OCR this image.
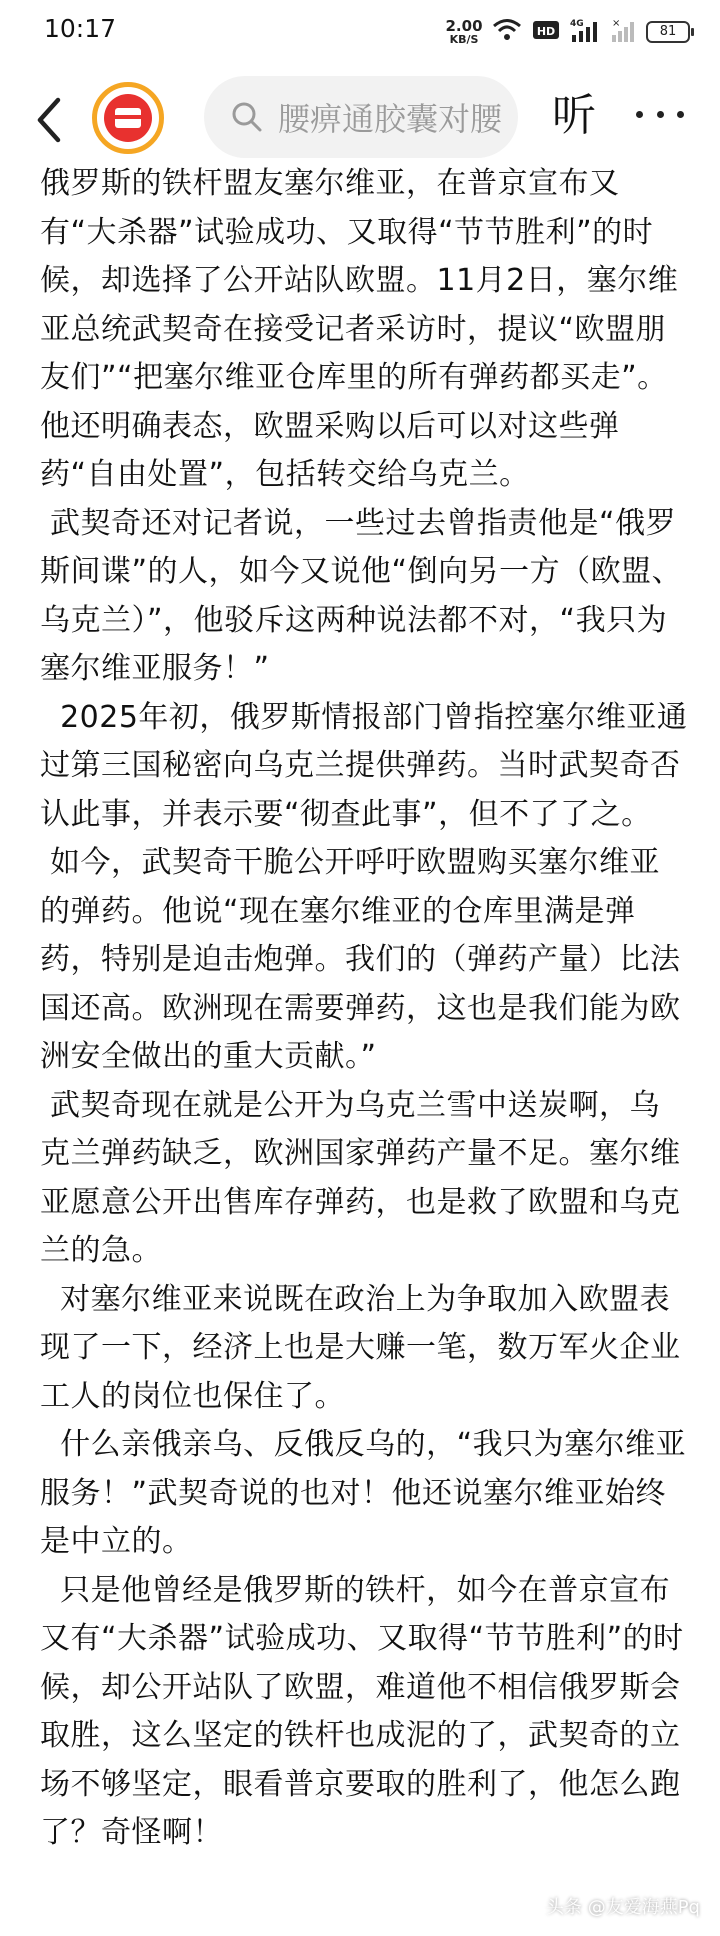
10:17	2.00
KB/S
HD
4G	×
81
腰痹通胶囊对腰 听

俄罗斯的铁杆盟友塞尔维亚，在普京宣布又有“大杀器”试验成功、又取得“节节胜利”的时候，却选择了公开站队欧盟。11月2日，塞尔维亚总统武契奇在接受记者采访时，提议“欧盟朋友们”“把塞尔维亚仓库里的所有弹药都买走”。他还明确表态，欧盟采购以后可以对这些弹药“自由处置”，包括转交给乌克兰。

武契奇还对记者说，一些过去曾指责他是“俄罗斯间谍”的人，如今又说他“倒向另一方（欧盟、乌克兰）”，他驳斥这两种说法都不对，“我只为塞尔维亚服务！”

2025年初，俄罗斯情报部门曾指控塞尔维亚通过第三国秘密向乌克兰提供弹药。当时武契奇否认此事，并表示要“彻查此事”，但不了了之。

如今，武契奇干脆公开呼吁欧盟购买塞尔维亚的弹药。他说“现在塞尔维亚的仓库里满是弹药，特别是迫击炮弹。我们的（弹药产量）比法国还高。欧洲现在需要弹药，这也是我们能为欧洲安全做出的重大贡献。”

武契奇现在就是公开为乌克兰雪中送炭啊，乌克兰弹药缺乏，欧洲国家弹药产量不足。塞尔维亚愿意公开出售库存弹药，也是救了欧盟和乌克兰的急。

对塞尔维亚来说既在政治上为争取加入欧盟表现了一下，经济上也是大赚一笔，数万军火企业工人的岗位也保住了。

什么亲俄亲乌、反俄反乌的，“我只为塞尔维亚服务！”武契奇说的也对！他还说塞尔维亚始终是中立的。

只是他曾经是俄罗斯的铁杆，如今在普京宣布又有“大杀器”试验成功、又取得“节节胜利”的时候，却公开站队了欧盟，难道他不相信俄罗斯会取胜，这么坚定的铁杆也成泥的了，武契奇的立场不够坚定，眼看普京要取的胜利了，他怎么跑了？奇怪啊！

头条 @友爱海燕Pq
